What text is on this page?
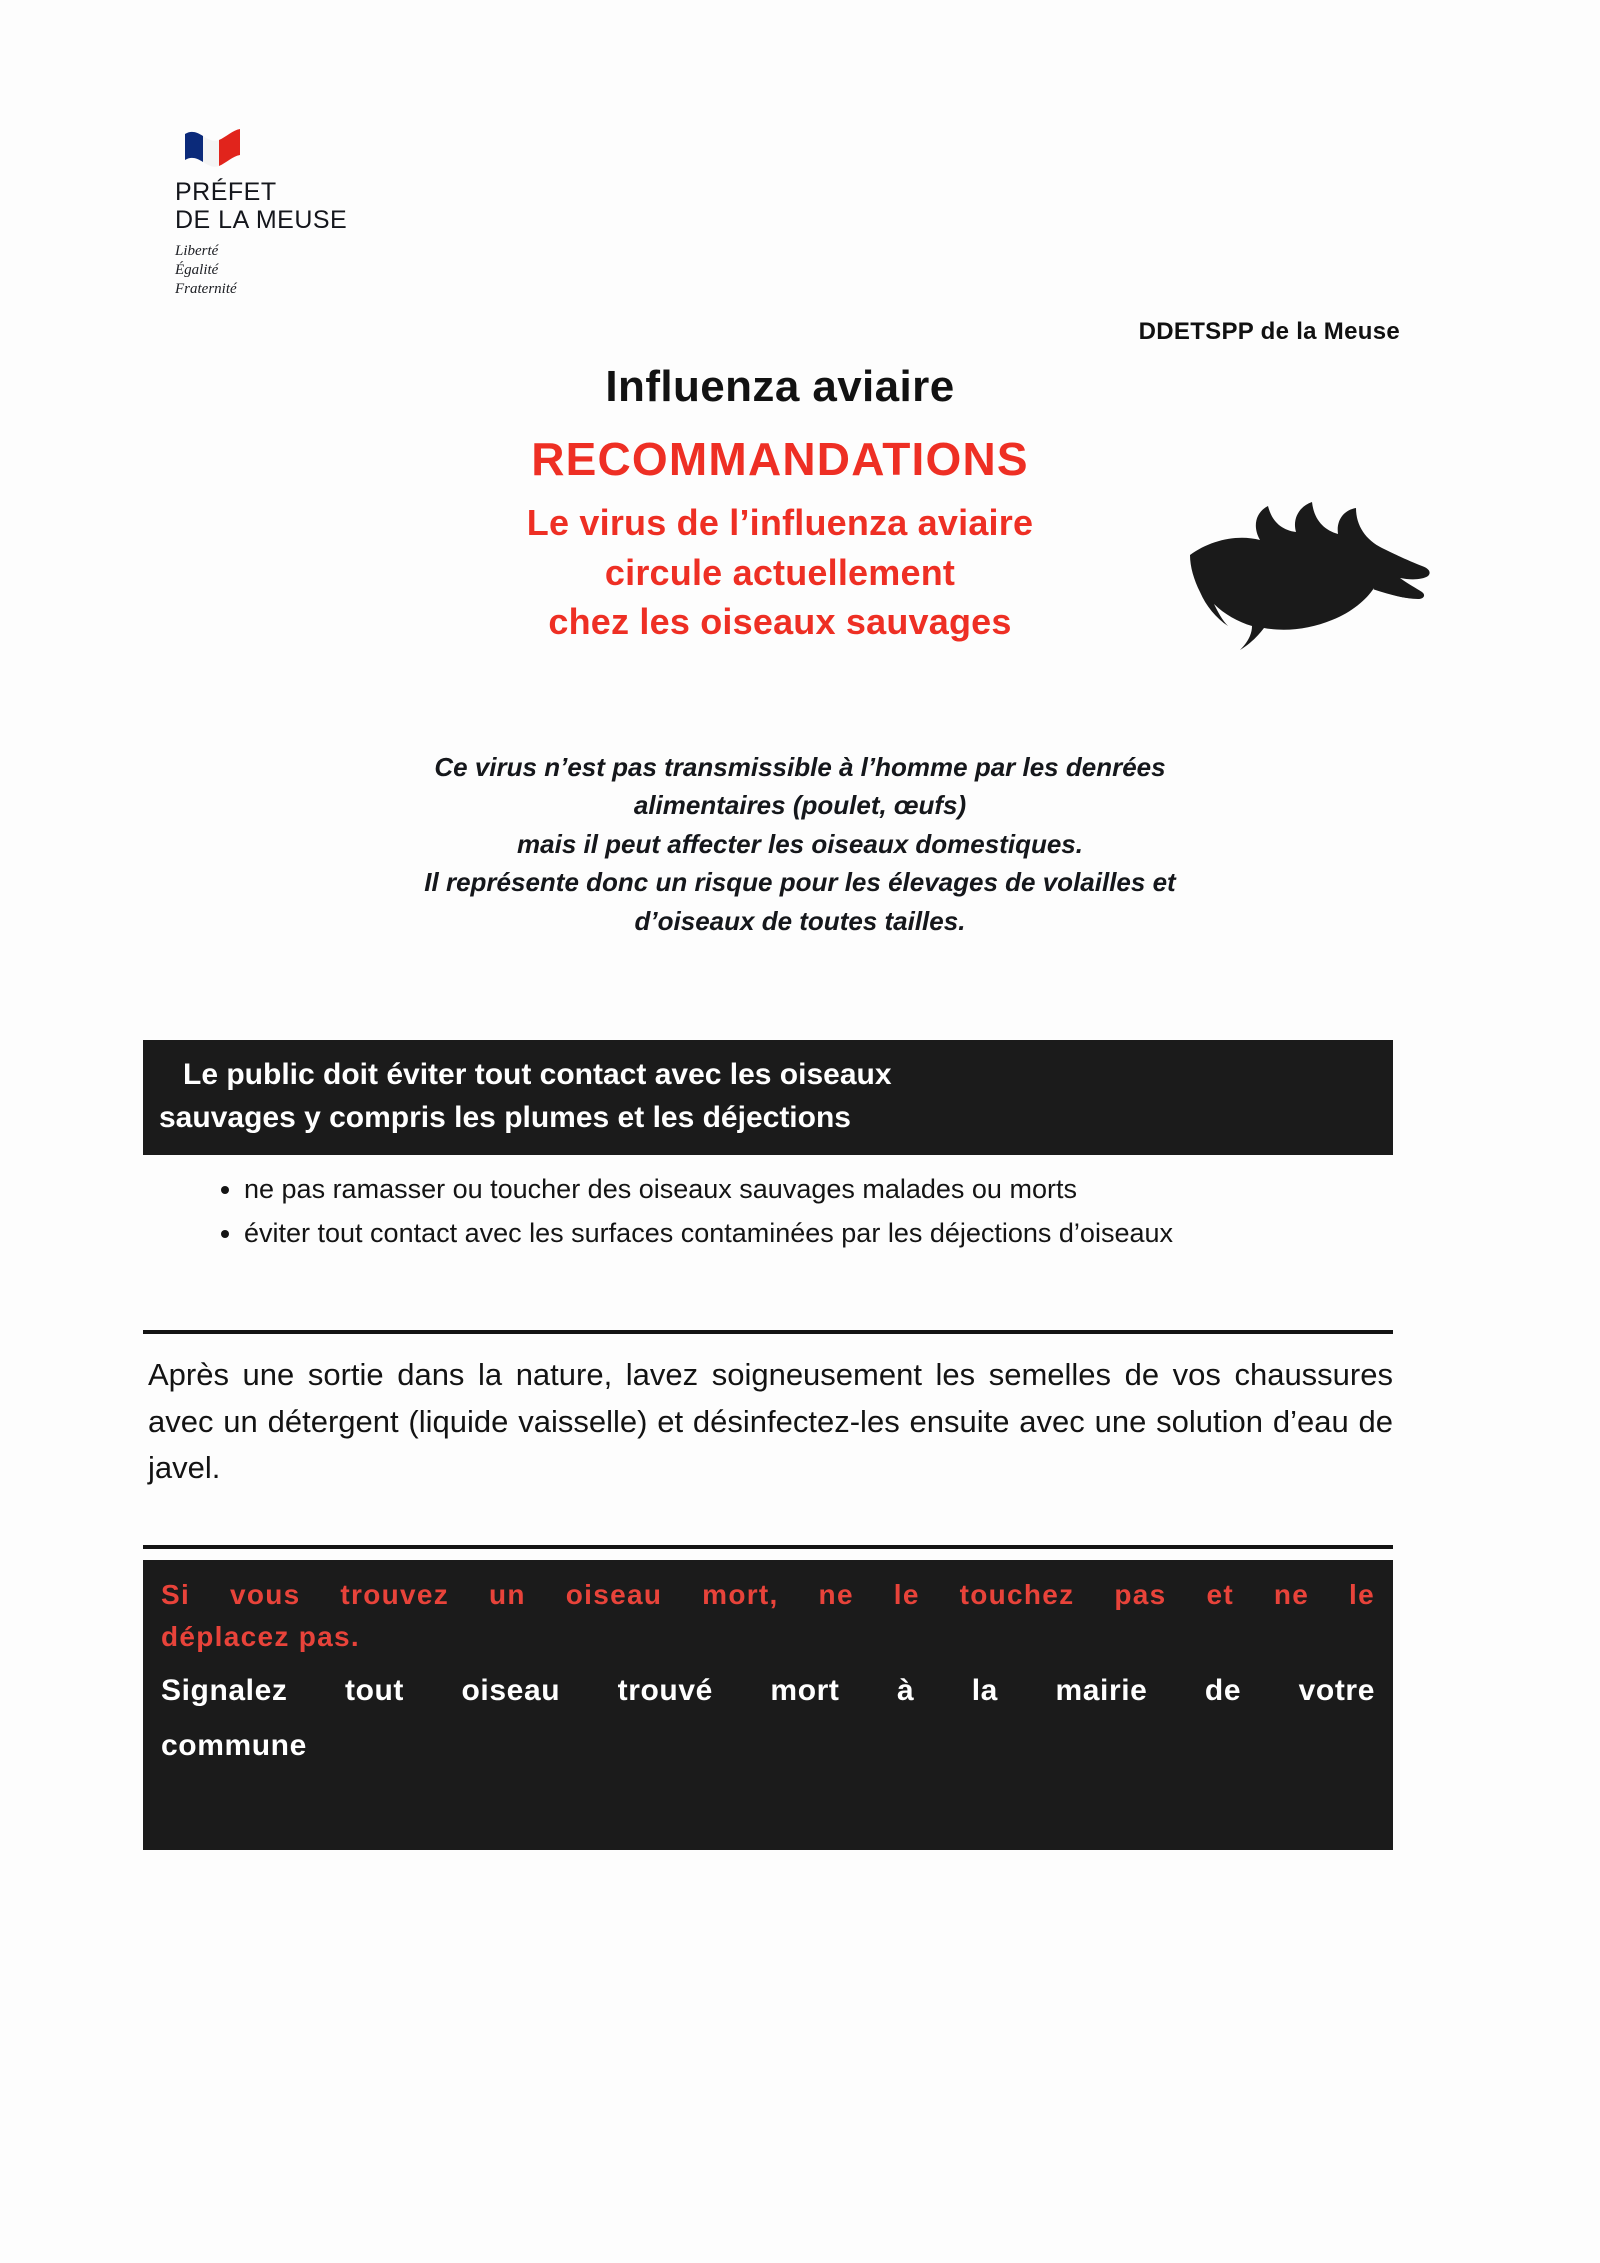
PRÉFET
DE LA MEUSE
Liberté
Égalité
Fraternité
DDETSPP de la Meuse
Influenza aviaire
RECOMMANDATIONS
Le virus de l’influenza aviaire
circule actuellement
chez les oiseaux sauvages
Ce virus n’est pas transmissible à l’homme par les denrées
alimentaires (poulet, œufs)
mais il peut affecter les oiseaux domestiques.
Il représente donc un risque pour les élevages de volailles et
d’oiseaux de toutes tailles.
Le public doit éviter tout contact avec les oiseaux
sauvages y compris les plumes et les déjections
• ne pas ramasser ou toucher des oiseaux sauvages malades ou morts
• éviter tout contact avec les surfaces contaminées par les déjections d’oiseaux
Après une sortie dans la nature, lavez soigneusement les semelles de vos chaussures avec un détergent (liquide vaisselle) et désinfectez-les ensuite avec une solution d’eau de javel.
Si vous trouvez un oiseau mort, ne le touchez pas et ne le
déplacez pas.
Signalez tout oiseau trouvé mort à la mairie de votre
commune
